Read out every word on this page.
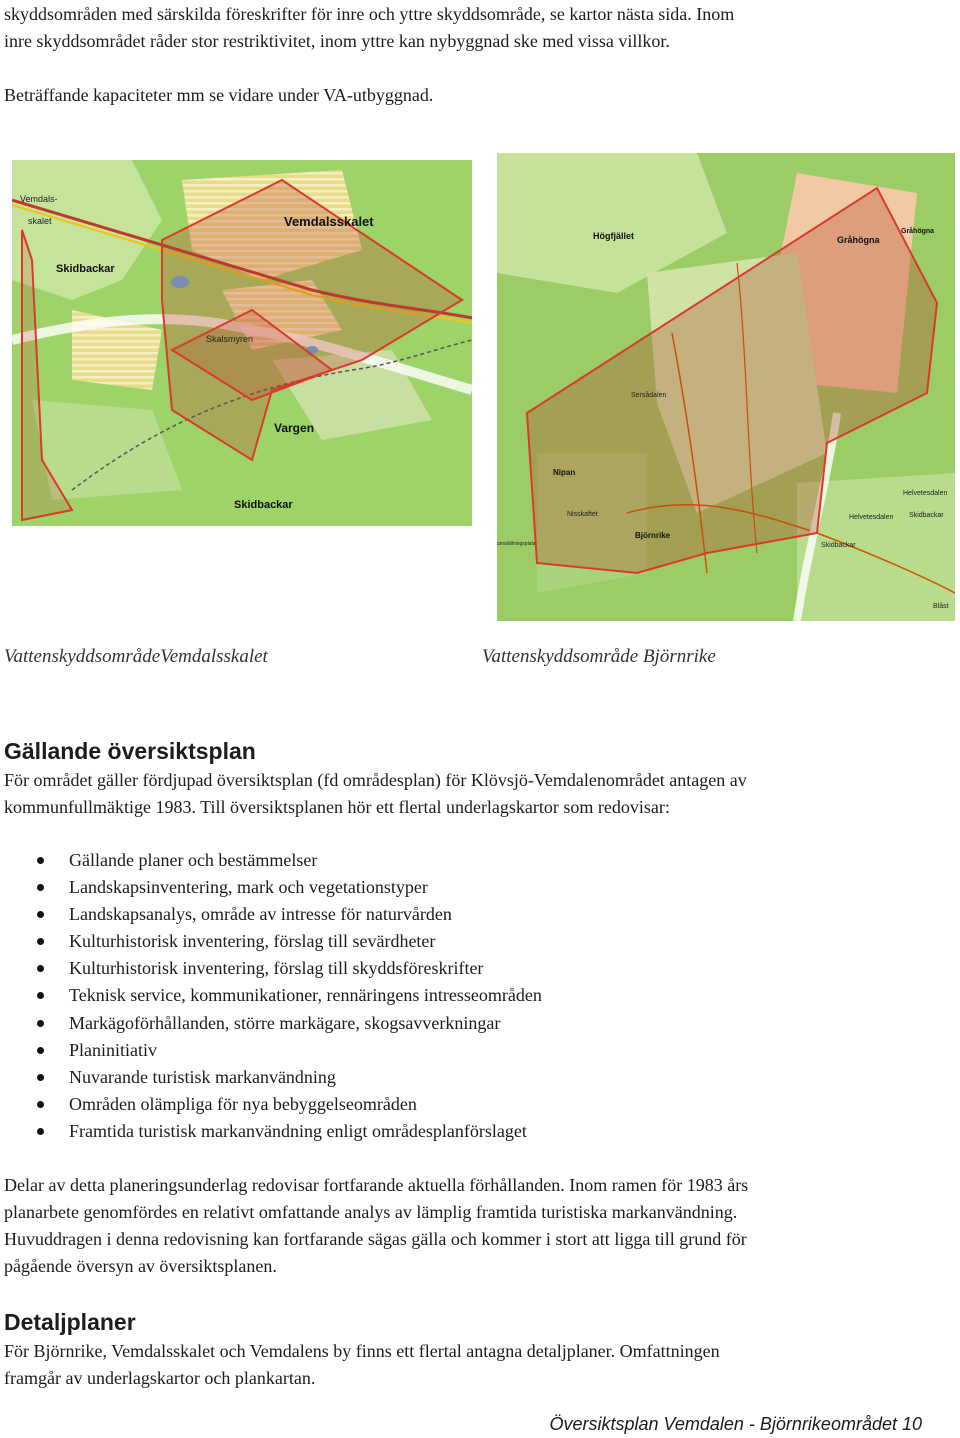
skyddsområden med särskilda föreskrifter för inre och yttre skyddsområde, se kartor nästa sida. Inom

inre skyddsområdet råder stor restriktivitet, inom yttre kan nybyggnad ske med vissa villkor.

Beträffande kapaciteter mm se vidare under VA-utbyggnad.

Vemdals-
skalet	Vemdalsskalet
Skidbackar
Skalsmyren
Vargen
Skidbackar
Högfjället	Gråhögna
Gråhögna
Sersådalen
Nipan
Nisskaftet
Björnrike
Helvetesdalen
Helvetesdalen Skidbackar
Skidbackar
Blåst
amställningsplats
VattenskyddsområdeVemdalsskalet	Vattenskyddsområde Björnrike
Gällande översiktsplan

För området gäller fördjupad översiktsplan (fd områdesplan) för Klövsjö-Vemdalenområdet antagen av

kommunfullmäktige 1983. Till översiktsplanen hör ett flertal underlagskartor som redovisar:

Gällande planer och bestämmelser
Landskapsinventering, mark och vegetationstyper
Landskapsanalys, område av intresse för naturvården
Kulturhistorisk inventering, förslag till sevärdheter
Kulturhistorisk inventering, förslag till skyddsföreskrifter
Teknisk service, kommunikationer, rennäringens intresseområden
Markägoförhållanden, större markägare, skogsavverkningar
Planinitiativ
Nuvarande turistisk markanvändning
Områden olämpliga för nya bebyggelseområden
Framtida turistisk markanvändning enligt områdesplanförslaget

Delar av detta planeringsunderlag redovisar fortfarande aktuella förhållanden. Inom ramen för 1983 års

planarbete genomfördes en relativt omfattande analys av lämplig framtida turistiska markanvändning.

Huvuddragen i denna redovisning kan fortfarande sägas gälla och kommer i stort att ligga till grund för

pågående översyn av översiktsplanen.

Detaljplaner

För Björnrike, Vemdalsskalet och Vemdalens by finns ett flertal antagna detaljplaner. Omfattningen

framgår av underlagskartor och plankartan.

Översiktsplan Vemdalen - Björnrikeområdet 10
